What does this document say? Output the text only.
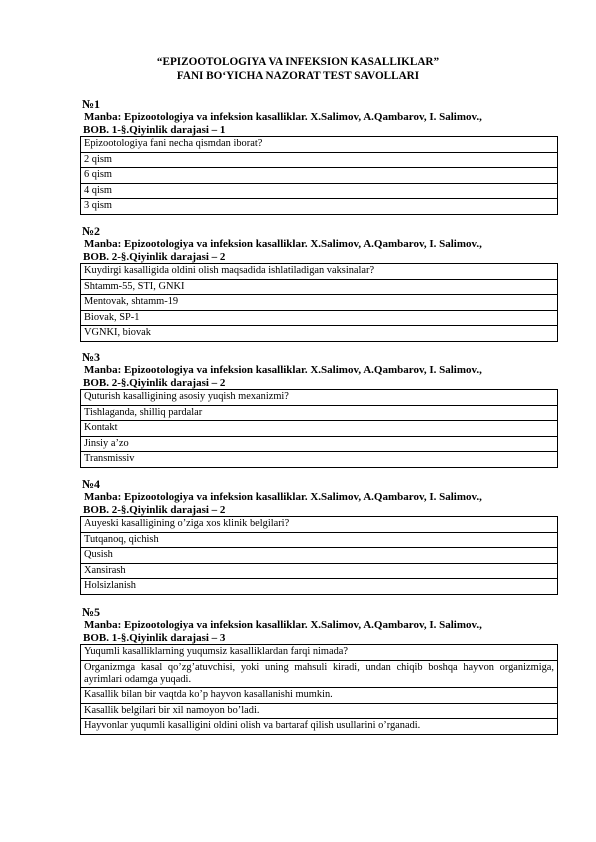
“EPIZOOTOLOGIYA VA INFEKSION KASALLIKLAR”
FANI BO‘YICHA NAZORAT TEST SAVOLLARI
№1
Manba: Epizootologiya va infeksion kasalliklar. X.Salimov, A.Qambarov, I. Salimov.,
BOB. 1-§.Qiyinlik darajasi – 1
Epizootologiya fani necha qismdan iborat?
2 qism
6 qism
4 qism
3 qism
№2
Manba: Epizootologiya va infeksion kasalliklar. X.Salimov, A.Qambarov, I. Salimov.,
BOB. 2-§.Qiyinlik darajasi – 2
Kuydirgi kasalligida oldini olish maqsadida ishlatiladigan vaksinalar?
Shtamm-55, STI, GNKI
Mentovak, shtamm-19
Biovak, SP-1
VGNKI, biovak
№3
Manba: Epizootologiya va infeksion kasalliklar. X.Salimov, A.Qambarov, I. Salimov.,
BOB. 2-§.Qiyinlik darajasi – 2
Quturish kasalligining asosiy yuqish mexanizmi?
Tishlaganda, shilliq pardalar
Kontakt
Jinsiy a’zo
Transmissiv
№4
Manba: Epizootologiya va infeksion kasalliklar. X.Salimov, A.Qambarov, I. Salimov.,
BOB. 2-§.Qiyinlik darajasi – 2
Auyeski kasalligining o’ziga xos klinik belgilari?
Tutqanoq, qichish
Qusish
Xansirash
Holsizlanish
№5
Manba: Epizootologiya va infeksion kasalliklar. X.Salimov, A.Qambarov, I. Salimov.,
BOB. 1-§.Qiyinlik darajasi – 3
Yuqumli kasalliklarning yuqumsiz kasalliklardan farqi nimada?
Organizmga kasal qo’zg’atuvchisi, yoki uning mahsuli kiradi, undan chiqib boshqa hayvon organizmiga, ayrimlari odamga yuqadi.
Kasallik bilan bir vaqtda ko’p hayvon kasallanishi mumkin.
Kasallik belgilari bir xil namoyon bo’ladi.
Hayvonlar yuqumli kasalligini oldini olish va bartaraf qilish usullarini o’rganadi.
